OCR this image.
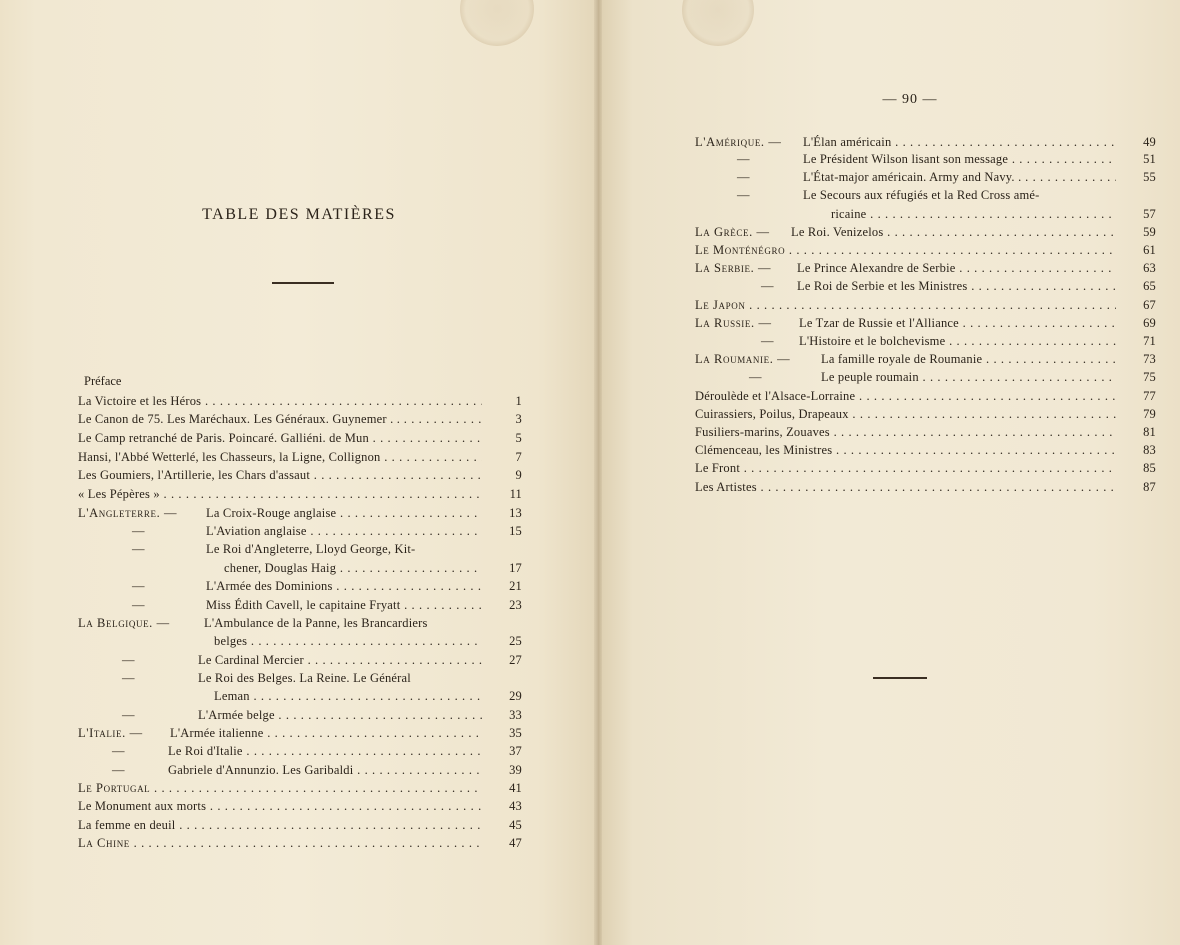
TABLE DES MATIÈRES
Préface
La Victoire et les Héros . . .	1
Le Canon de 75. Les Maréchaux. Les Généraux. Guynemer . . . . .	3
Le Camp retranché de Paris. Poincaré. Galliéni. de Mun . . .	5
Hansi, l'Abbé Wetterlé, les Chasseurs, la Ligne, Collignon . . .	7
Les Goumiers, l'Artillerie, les Chars d'assaut . . .	9
« Les Pépères » . . .	11
L'Angleterre. — La Croix-Rouge anglaise . . .	13
—	L'Aviation anglaise . . .	15
—	Le Roi d'Angleterre, Lloyd George, Kit-
chener, Douglas Haig . . .	17
—	L'Armée des Dominions . . .	21
—	Miss Édith Cavell, le capitaine Fryatt . . .	23
La Belgique. —	L'Ambulance de la Panne, les Brancardiers
belges . . .	25
—	Le Cardinal Mercier . . .	27
—	Le Roi des Belges. La Reine. Le Général
Leman . . .	29
—	L'Armée belge . . .	33
L'Italie. — L'Armée italienne . . .	35
—	Le Roi d'Italie . . .	37
—	Gabriele d'Annunzio. Les Garibaldi . . .	39
Le Portugal . . .	41
Le Monument aux morts . . .	43
La femme en deuil . . .	45
La Chine . . .	47
— 90 —
L'Amérique. — L'Élan américain . . .	49
—	Le Président Wilson lisant son message . . .	51
—	L'État-major américain. Army and Navy. . . . .	55
—	Le Secours aux réfugiés et la Red Cross amé-
ricaine . . .	57
La Grèce. — Le Roi. Venizelos . . .	59
Le Monténégro . . .	61
La Serbie. — Le Prince Alexandre de Serbie . . .	63
— Le Roi de Serbie et les Ministres . . .	65
Le Japon . . .	67
La Russie. — Le Tzar de Russie et l'Alliance . . .	69
— L'Histoire et le bolchevisme . . .	71
La Roumanie. — La famille royale de Roumanie . . .	73
—	Le peuple roumain . . .	75
Déroulède et l'Alsace-Lorraine . . .	77
Cuirassiers, Poilus, Drapeaux . . .	79
Fusiliers-marins, Zouaves . . .	81
Clémenceau, les Ministres . . .	83
Le Front . . .	85
Les Artistes . . .	87
